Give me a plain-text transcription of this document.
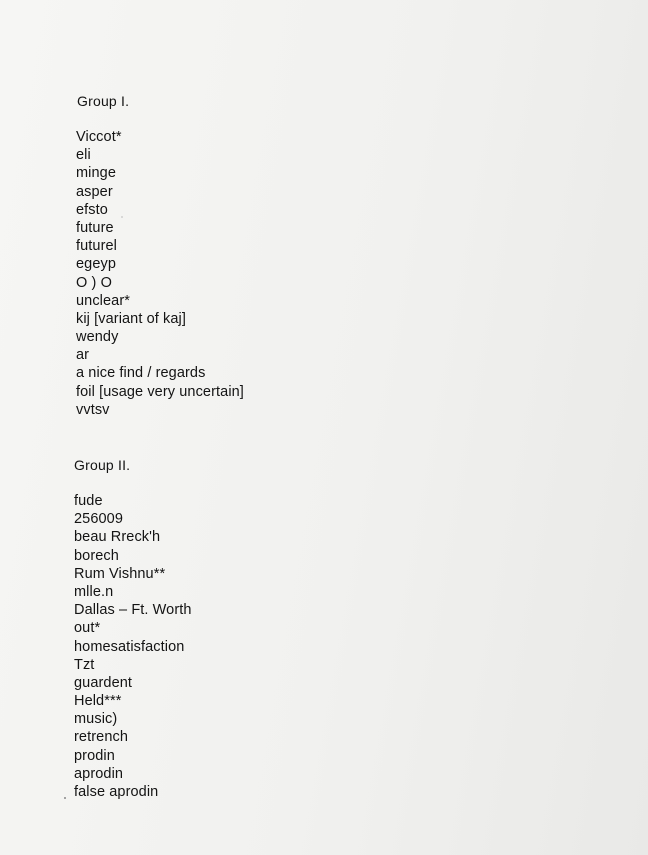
Group I.
Viccot*
eli
minge
asper
efsto
future
futurel
egeyp
O ) O
unclear*
kij [variant of kaj]
wendy
ar
a nice find / regards
foil [usage very uncertain]
vvtsv
Group II.
fude
256009
beau Rreck'h
borech
Rum Vishnu**
mlle.n
Dallas – Ft. Worth
out*
homesatisfaction
Tzt
guardent
Held***
music)
retrench
prodin
aprodin
false aprodin
